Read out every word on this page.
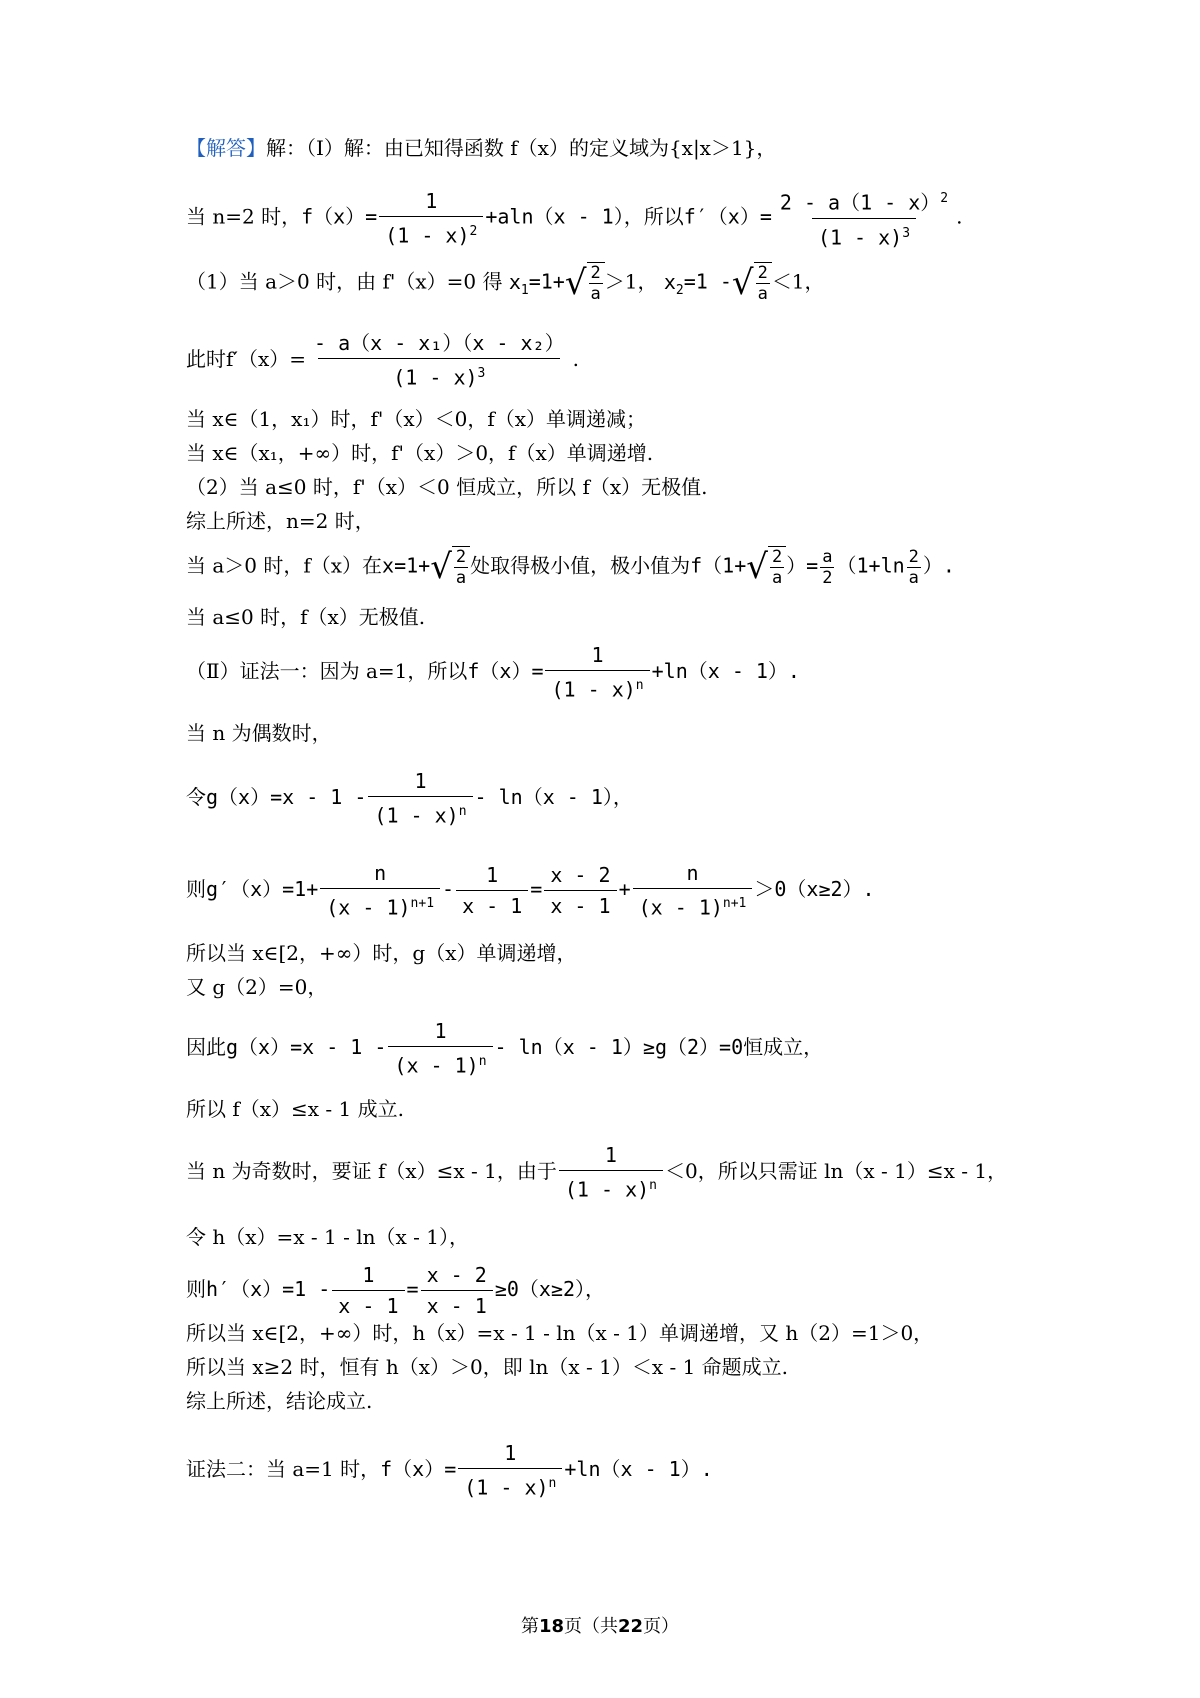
【解答】解：（Ⅰ）解：由已知得函数 f（x）的定义域为{x|x＞1}，
当 n=2 时，$f(x)= \frac{1}{(1 - x)^2} +aln(x - 1)$，所以$f'(x)= \frac{2 - a(1 - x)^2}{(1 - x)^3}$ .
（1）当 a＞0 时，由 f'（x）=0 得 $x_1=1+$ √ $\frac{2}{a} >1$， $x_2=1$ - √ $\frac{2}{a} <1$，
此时$f'(x)= \frac{\text{- a（x - x₁）（x - x₂）}}{(1 - x)^3}$ .
当 x∈（1，x₁）时，f'（x）＜0，f（x）单调递减；
当 x∈（x₁，+∞）时，f'（x）＞0，f（x）单调递增.
（2）当 a≤0 时，f'（x）＜0 恒成立，所以 f（x）无极值.
综上所述，n=2 时，
当 a＞0 时，f（x）在x=1+ √ $\frac{2}{a}$ 处取得极小值，极小值为f（1+ √ $\frac{2}{a}$ ）= $\frac{a}{2} (1+\ln \frac{2}{a}$ ）.
当 a≤0 时，f（x）无极值.
（Ⅱ）证法一：因为 a=1，所以$f(x)= \frac{1}{(1 - x)^n} +\ln(x - 1)$.
当 n 为偶数时，
令$g(x)=x - 1 - \frac{1}{(1 - x)^n} - \ln(x - 1)$，
则$g'(x)=1+ \frac{n}{(x - 1)^{n+1}} - \frac{1}{x - 1} = \frac{x - 2}{x - 1} + \frac{n}{(x - 1)^{n+1}} >0(x\ge 2)$.
所以当 x∈[2，+∞）时，g（x）单调递增，
又 g（2）=0，
因此$g(x)=x - 1 - \frac{1}{(x - 1)^n} - \ln(x - 1)\ge g(2)=0$恒成立，
所以 f（x）≤x - 1 成立.
当 n 为奇数时，要证 f（x）≤x - 1，由于 $\frac{1}{(1 - x)^n} <0$，所以只需证 ln（x - 1）≤x - 1，
令 h（x）=x - 1 - ln（x - 1），
则$h'(x)=1 - \frac{1}{x - 1} = \frac{x - 2}{x - 1} \ge 0(x\ge 2)$，
所以当 x∈[2，+∞）时，h（x）=x - 1 - ln（x - 1）单调递增，又 h（2）=1＞0，
所以当 x≥2 时，恒有 h（x）＞0，即 ln（x - 1）＜x - 1 命题成立.
综上所述，结论成立.
证法二：当 a=1 时，$f(x)= \frac{1}{(1 - x)^n} +\ln(x - 1)$.
第18页（共22页）
